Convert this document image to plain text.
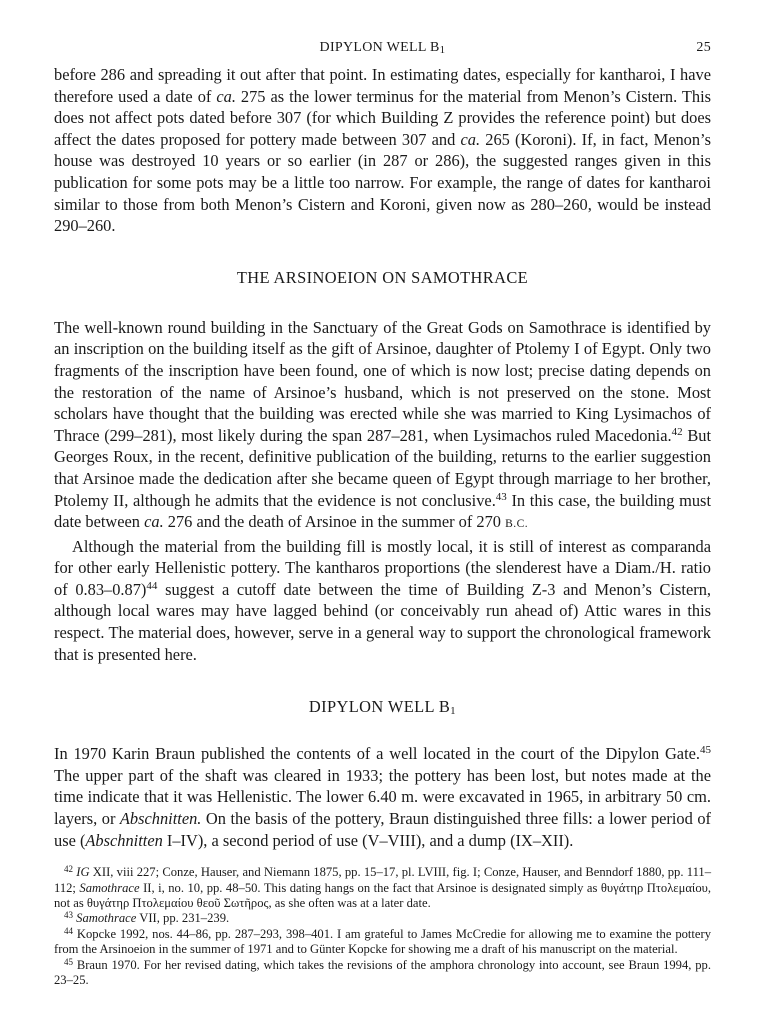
DIPYLON WELL B1	25

before 286 and spreading it out after that point. In estimating dates, especially for kantharoi, I have therefore used a date of ca. 275 as the lower terminus for the material from Menon’s Cistern. This does not affect pots dated before 307 (for which Building Z provides the reference point) but does affect the dates proposed for pottery made between 307 and ca. 265 (Koroni). If, in fact, Menon’s house was destroyed 10 years or so earlier (in 287 or 286), the suggested ranges given in this publication for some pots may be a little too narrow. For example, the range of dates for kantharoi similar to those from both Menon’s Cistern and Koroni, given now as 280–260, would be instead 290–260.

THE ARSINOEION ON SAMOTHRACE

The well-known round building in the Sanctuary of the Great Gods on Samothrace is identified by an inscription on the building itself as the gift of Arsinoe, daughter of Ptolemy I of Egypt. Only two fragments of the inscription have been found, one of which is now lost; precise dating depends on the restoration of the name of Arsinoe’s husband, which is not preserved on the stone. Most scholars have thought that the building was erected while she was married to King Lysimachos of Thrace (299–281), most likely during the span 287–281, when Lysimachos ruled Macedonia.$^{42}$ But Georges Roux, in the recent, definitive publication of the building, returns to the earlier suggestion that Arsinoe made the dedication after she became queen of Egypt through marriage to her brother, Ptolemy II, although he admits that the evidence is not conclusive.$^{43}$ In this case, the building must date between ca. 276 and the death of Arsinoe in the summer of 270 B.C.

Although the material from the building fill is mostly local, it is still of interest as comparanda for other early Hellenistic pottery. The kantharos proportions (the slenderest have a Diam./H. ratio of 0.83–0.87)$^{44}$ suggest a cutoff date between the time of Building Z-3 and Menon’s Cistern, although local wares may have lagged behind (or conceivably run ahead of) Attic wares in this respect. The material does, however, serve in a general way to support the chronological framework that is presented here.

DIPYLON WELL B1

In 1970 Karin Braun published the contents of a well located in the court of the Dipylon Gate.$^{45}$ The upper part of the shaft was cleared in 1933; the pottery has been lost, but notes made at the time indicate that it was Hellenistic. The lower 6.40 m. were excavated in 1965, in arbitrary 50 cm. layers, or Abschnitten. On the basis of the pottery, Braun distinguished three fills: a lower period of use (Abschnitten I–IV), a second period of use (V–VIII), and a dump (IX–XII).

$^{42}$ IG XII, viii 227; Conze, Hauser, and Niemann 1875, pp. 15–17, pl. LVIII, fig. I; Conze, Hauser, and Benndorf 1880, pp. 111–112; Samothrace II, i, no. 10, pp. 48–50. This dating hangs on the fact that Arsinoe is designated simply as θυγάτηρ Πτολεμαίου, not as θυγάτηρ Πτολεμαίου θεοῦ Σωτῆρος, as she often was at a later date.

$^{43}$ Samothrace VII, pp. 231–239.

$^{44}$ Kopcke 1992, nos. 44–86, pp. 287–293, 398–401. I am grateful to James McCredie for allowing me to examine the pottery from the Arsinoeion in the summer of 1971 and to Günter Kopcke for showing me a draft of his manuscript on the material.

$^{45}$ Braun 1970. For her revised dating, which takes the revisions of the amphora chronology into account, see Braun 1994, pp. 23–25.
